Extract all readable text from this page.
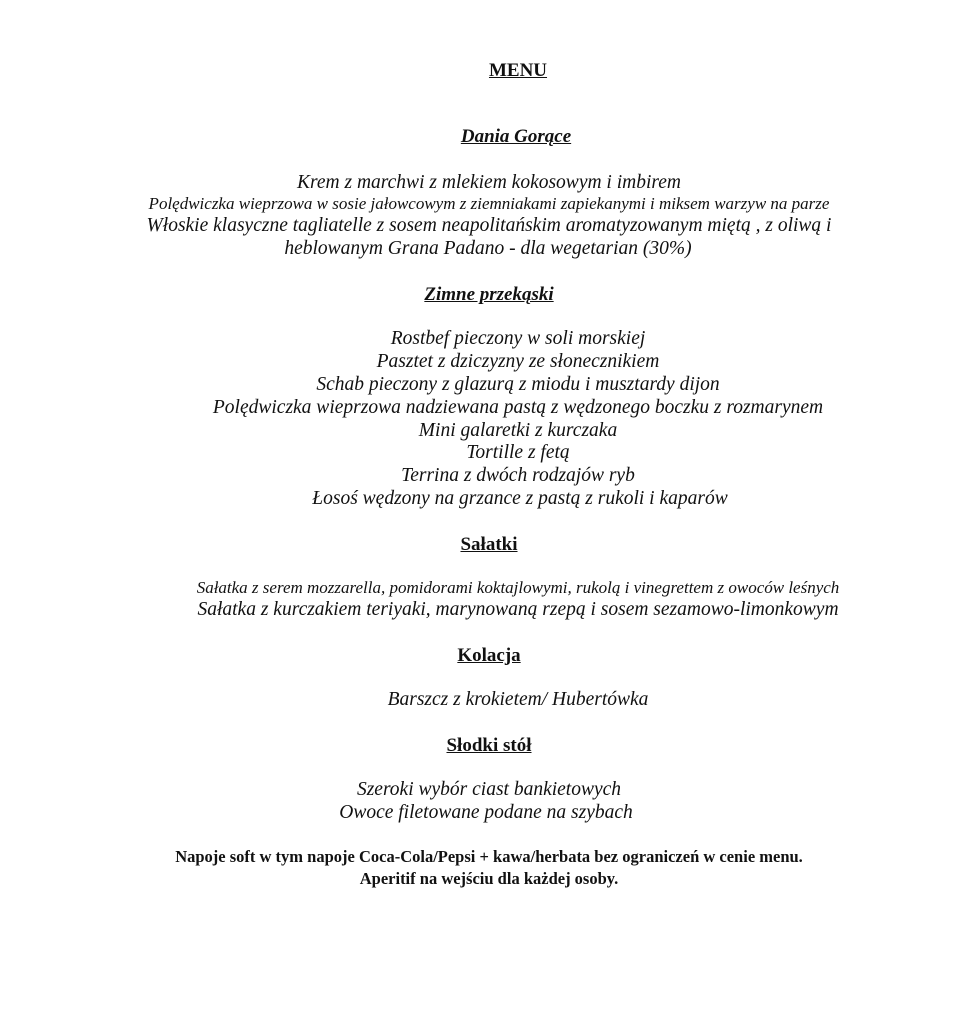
MENU
Dania Gorące
Krem z marchwi z mlekiem kokosowym i imbirem
Polędwiczka wieprzowa w sosie jałowcowym z ziemniakami zapiekanymi i miksem warzyw na parze
Włoskie klasyczne tagliatelle z sosem neapolitańskim aromatyzowanym miętą , z oliwą i
heblowanym Grana Padano - dla wegetarian (30%)
Zimne przekąski
Rostbef pieczony w soli morskiej
Pasztet z dziczyzny ze słonecznikiem
Schab pieczony z glazurą z miodu i musztardy dijon
Polędwiczka wieprzowa nadziewana pastą z wędzonego boczku z rozmarynem
Mini galaretki z kurczaka
Tortille z fetą
Terrina z dwóch rodzajów ryb
Łosoś wędzony na grzance z pastą z rukoli i kaparów
Sałatki
Sałatka z serem mozzarella, pomidorami koktajlowymi, rukolą i vinegrettem z owoców leśnych
Sałatka z kurczakiem teriyaki, marynowaną rzepą i sosem sezamowo-limonkowym
Kolacja
Barszcz z krokietem/ Hubertówka
Słodki stół
Szeroki wybór ciast bankietowych
Owoce filetowane podane na szybach
Napoje soft w tym napoje Coca-Cola/Pepsi + kawa/herbata bez ograniczeń w cenie menu.
Aperitif na wejściu dla każdej osoby.
